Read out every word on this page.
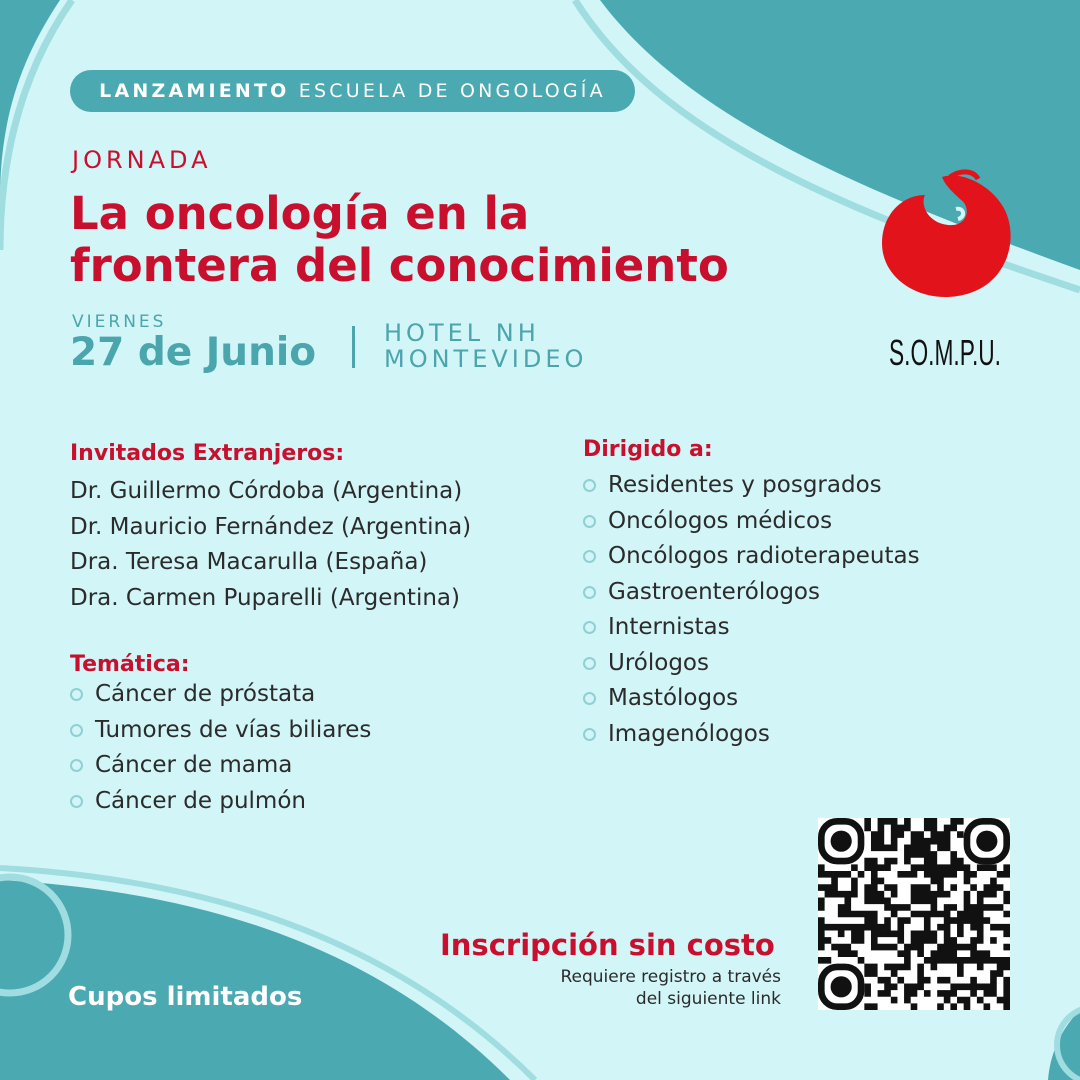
LANZAMIENTO ESCUELA DE ONGOLOGÍA
JORNADA
La oncología en la
frontera del conocimiento
VIERNES
27 de Junio	HOTEL NH
MONTEVIDEO	S.O.M.P.U.
Invitados Extranjeros:
Dr. Guillermo Córdoba (Argentina)
Dr. Mauricio Fernández (Argentina)
Dra. Teresa Macarulla (España)
Dra. Carmen Puparelli (Argentina)
Temática:
Cáncer de próstata
Tumores de vías biliares
Cáncer de mama
Cáncer de pulmón
Dirigido a:
Residentes y posgrados
Oncólogos médicos
Oncólogos radioterapeutas
Gastroenterólogos
Internistas
Urólogos
Mastólogos
Imagenólogos
Inscripción sin costo
Requiere registro a través
del siguiente link
Cupos limitados
